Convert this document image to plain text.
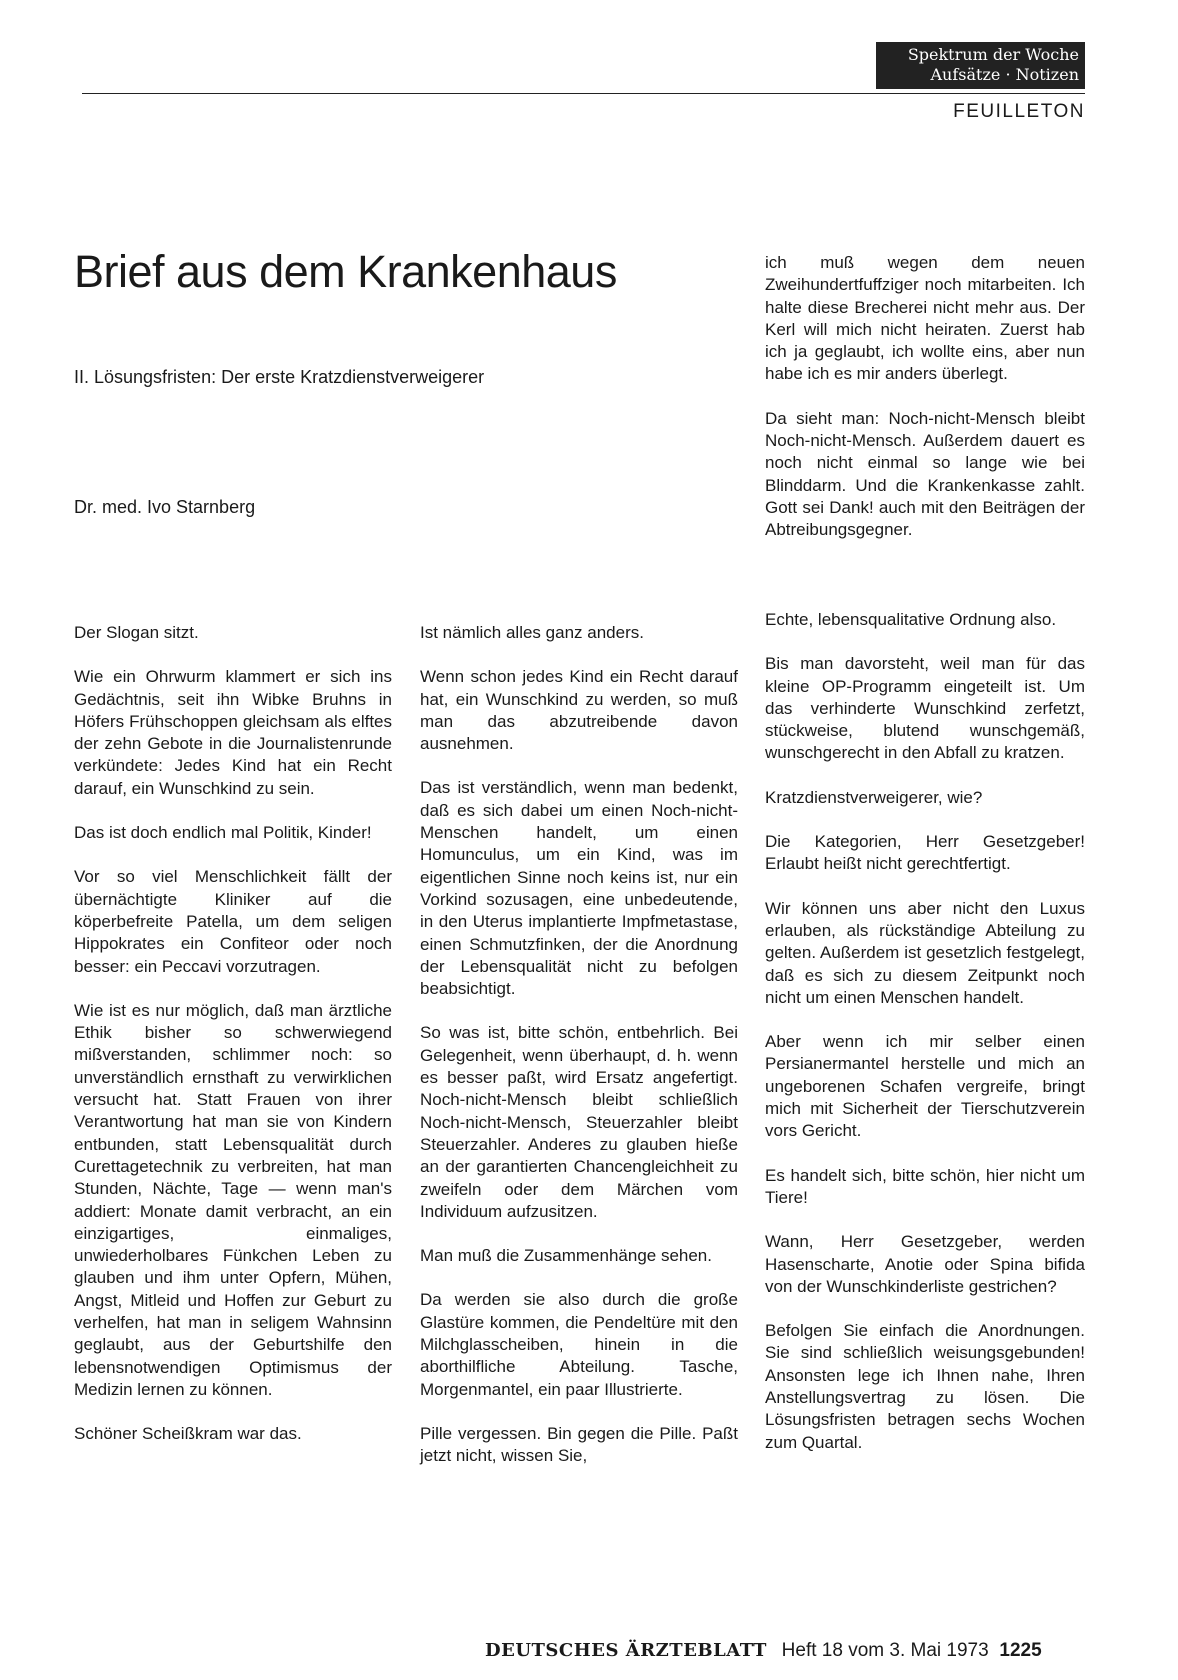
Spektrum der Woche
Aufsätze · Notizen
FEUILLETON
Brief aus dem Krankenhaus
II. Lösungsfristen: Der erste Kratzdienstverweigerer
Dr. med. Ivo Starnberg

Der Slogan sitzt.

Wie ein Ohrwurm klammert er sich ins Gedächtnis, seit ihn Wibke Bruhns in Höfers Frühschoppen gleichsam als elftes der zehn Gebote in die Journalistenrunde verkündete: Jedes Kind hat ein Recht darauf, ein Wunschkind zu sein.

Das ist doch endlich mal Politik, Kinder!

Vor so viel Menschlichkeit fällt der übernächtigte Kliniker auf die köperbefreite Patella, um dem seligen Hippokrates ein Confiteor oder noch besser: ein Peccavi vorzutragen.

Wie ist es nur möglich, daß man ärztliche Ethik bisher so schwerwiegend mißverstanden, schlimmer noch: so unverständlich ernsthaft zu verwirklichen versucht hat. Statt Frauen von ihrer Verantwortung hat man sie von Kindern entbunden, statt Lebensqualität durch Curettagetechnik zu verbreiten, hat man Stunden, Nächte, Tage — wenn man's addiert: Monate damit verbracht, an ein einzigartiges, einmaliges, unwiederholbares Fünkchen Leben zu glauben und ihm unter Opfern, Mühen, Angst, Mitleid und Hoffen zur Geburt zu verhelfen, hat man in seligem Wahnsinn geglaubt, aus der Geburtshilfe den lebensnotwendigen Optimismus der Medizin lernen zu können.

Schöner Scheißkram war das.

Ist nämlich alles ganz anders.

Wenn schon jedes Kind ein Recht darauf hat, ein Wunschkind zu werden, so muß man das abzutreibende davon ausnehmen.

Das ist verständlich, wenn man bedenkt, daß es sich dabei um einen Noch-nicht-Menschen handelt, um einen Homunculus, um ein Kind, was im eigentlichen Sinne noch keins ist, nur ein Vorkind sozusagen, eine unbedeutende, in den Uterus implantierte Impfmetastase, einen Schmutzfinken, der die Anordnung der Lebensqualität nicht zu befolgen beabsichtigt.

So was ist, bitte schön, entbehrlich. Bei Gelegenheit, wenn überhaupt, d. h. wenn es besser paßt, wird Ersatz angefertigt. Noch-nicht-Mensch bleibt schließlich Noch-nicht-Mensch, Steuerzahler bleibt Steuerzahler. Anderes zu glauben hieße an der garantierten Chancengleichheit zu zweifeln oder dem Märchen vom Individuum aufzusitzen.

Man muß die Zusammenhänge sehen.

Da werden sie also durch die große Glastüre kommen, die Pendeltüre mit den Milchglasscheiben, hinein in die aborthilfliche Abteilung. Tasche, Morgenmantel, ein paar Illustrierte.

Pille vergessen. Bin gegen die Pille. Paßt jetzt nicht, wissen Sie,

ich muß wegen dem neuen Zweihundertfuffziger noch mitarbeiten. Ich halte diese Brecherei nicht mehr aus. Der Kerl will mich nicht heiraten. Zuerst hab ich ja geglaubt, ich wollte eins, aber nun habe ich es mir anders überlegt.

Da sieht man: Noch-nicht-Mensch bleibt Noch-nicht-Mensch. Außerdem dauert es noch nicht einmal so lange wie bei Blinddarm. Und die Krankenkasse zahlt. Gott sei Dank! auch mit den Beiträgen der Abtreibungsgegner.

Echte, lebensqualitative Ordnung also.

Bis man davorsteht, weil man für das kleine OP-Programm eingeteilt ist. Um das verhinderte Wunschkind zerfetzt, stückweise, blutend wunschgemäß, wunschgerecht in den Abfall zu kratzen.

Kratzdienstverweigerer, wie?

Die Kategorien, Herr Gesetzgeber! Erlaubt heißt nicht gerechtfertigt.

Wir können uns aber nicht den Luxus erlauben, als rückständige Abteilung zu gelten. Außerdem ist gesetzlich festgelegt, daß es sich zu diesem Zeitpunkt noch nicht um einen Menschen handelt.

Aber wenn ich mir selber einen Persianermantel herstelle und mich an ungeborenen Schafen vergreife, bringt mich mit Sicherheit der Tierschutzverein vors Gericht.

Es handelt sich, bitte schön, hier nicht um Tiere!

Wann, Herr Gesetzgeber, werden Hasenscharte, Anotie oder Spina bifida von der Wunschkinderliste gestrichen?

Befolgen Sie einfach die Anordnungen. Sie sind schließlich weisungsgebunden! Ansonsten lege ich Ihnen nahe, Ihren Anstellungsvertrag zu lösen. Die Lösungsfristen betragen sechs Wochen zum Quartal.

DEUTSCHES ÄRZTEBLATT Heft 18 vom 3. Mai 1973 1225
